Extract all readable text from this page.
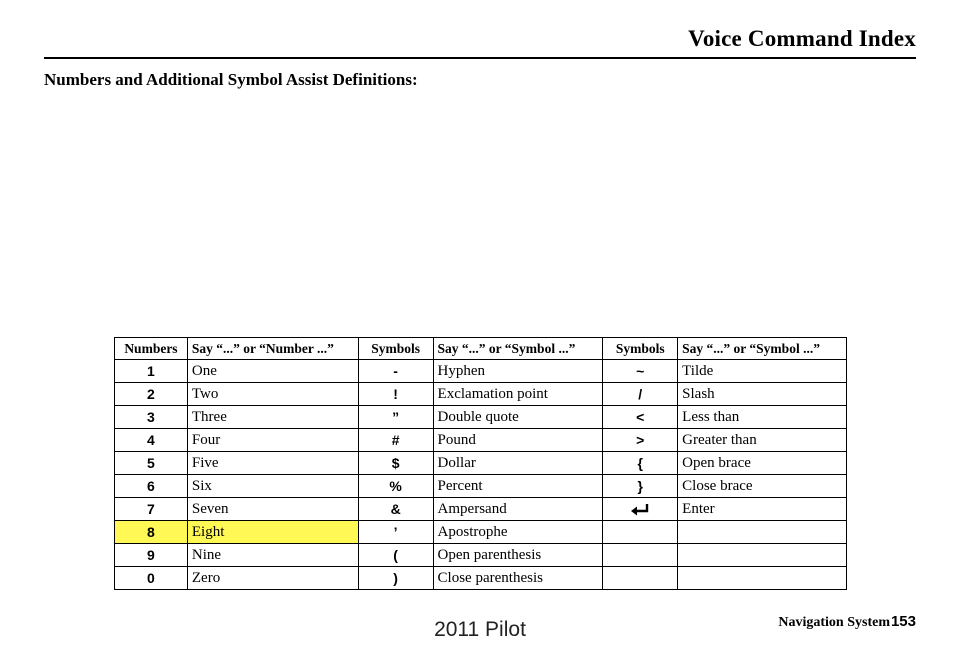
Voice Command Index
Numbers and Additional Symbol Assist Definitions:
Numbers	Say “...” or “Number ...”	Symbols	Say “...” or “Symbol ...”	Symbols	Say “...” or “Symbol ...”
1	One	-	Hyphen	~	Tilde
2	Two	!	Exclamation point	/	Slash
3	Three	”	Double quote	<	Less than
4	Four	#	Pound	>	Greater than
5	Five	$	Dollar	{	Open brace
6	Six	%	Percent	}	Close brace
7	Seven	&	Ampersand		Enter
8	Eight	’	Apostrophe		
9	Nine	(	Open parenthesis		
0	Zero	)	Close parenthesis		
Navigation System 153
2011 Pilot
